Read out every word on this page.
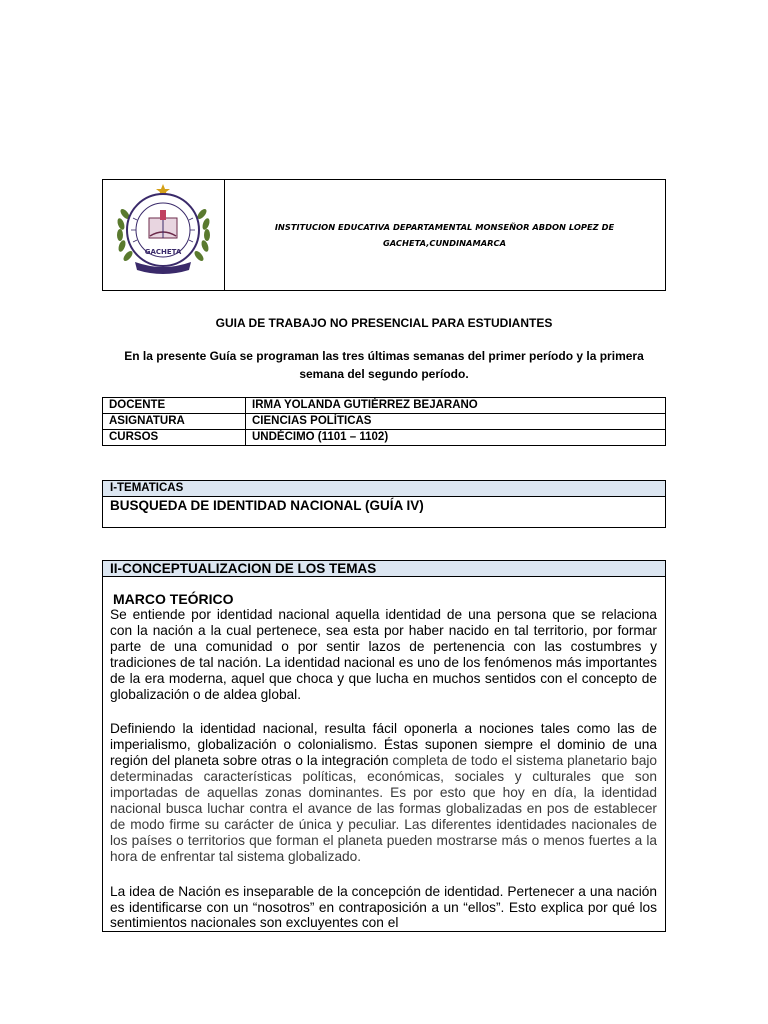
GACHETA
INSTITUCION EDUCATIVA DEPARTAMENTAL MONSEÑOR ABDON LOPEZ DE
GACHETA,CUNDINAMARCA
GUIA DE TRABAJO NO PRESENCIAL PARA ESTUDIANTES
En la presente Guía se programan las tres últimas semanas del primer período y la primera semana del segundo período.
DOCENTE	IRMA YOLANDA GUTIÉRREZ BEJARANO
ASIGNATURA	CIENCIAS POLÍTICAS
CURSOS	UNDÉCIMO (1101 – 1102)
I-TEMATICAS
BUSQUEDA DE IDENTIDAD NACIONAL (GUÍA IV)
II-CONCEPTUALIZACION DE LOS TEMAS
MARCO TEÓRICO

Se entiende por identidad nacional aquella identidad de una persona que se relaciona con la nación a la cual pertenece, sea esta por haber nacido en tal territorio, por formar parte de una comunidad o por sentir lazos de pertenencia con las costumbres y tradiciones de tal nación. La identidad nacional es uno de los fenómenos más importantes de la era moderna, aquel que choca y que lucha en muchos sentidos con el concepto de globalización o de aldea global.

Definiendo la identidad nacional, resulta fácil oponerla a nociones tales como las de imperialismo, globalización o colonialismo. Éstas suponen siempre el dominio de una región del planeta sobre otras o la integración completa de todo el sistema planetario bajo determinadas características políticas, económicas, sociales y culturales que son importadas de aquellas zonas dominantes. Es por esto que hoy en día, la identidad nacional busca luchar contra el avance de las formas globalizadas en pos de establecer de modo firme su carácter de única y peculiar. Las diferentes identidades nacionales de los países o territorios que forman el planeta pueden mostrarse más o menos fuertes a la hora de enfrentar tal sistema globalizado.

La idea de Nación es inseparable de la concepción de identidad. Pertenecer a una nación es identificarse con un “nosotros” en contraposición a un “ellos”. Esto explica por qué los sentimientos nacionales son excluyentes con el
